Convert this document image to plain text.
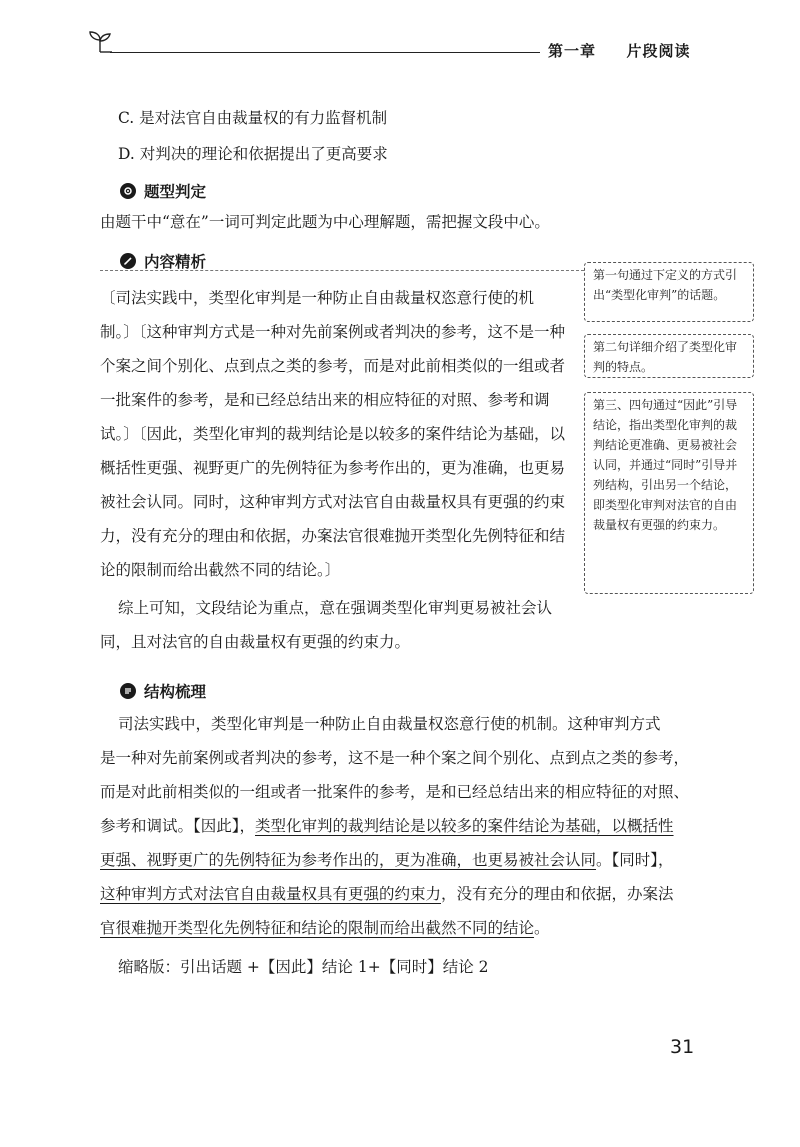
第一章 片段阅读
C. 是对法官自由裁量权的有力监督机制
D. 对判决的理论和依据提出了更高要求
题型判定
由题干中“意在”一词可判定此题为中心理解题，需把握文段中心。
内容精析
〔司法实践中，类型化审判是一种防止自由裁量权恣意行使的机
制。〕〔这种审判方式是一种对先前案例或者判决的参考，这不是一种
个案之间个别化、点到点之类的参考，而是对此前相类似的一组或者
一批案件的参考，是和已经总结出来的相应特征的对照、参考和调
试。〕〔因此，类型化审判的裁判结论是以较多的案件结论为基础，以
概括性更强、视野更广的先例特征为参考作出的，更为准确，也更易
被社会认同。同时，这种审判方式对法官自由裁量权具有更强的约束
力，没有充分的理由和依据，办案法官很难抛开类型化先例特征和结
论的限制而给出截然不同的结论。〕
综上可知，文段结论为重点，意在强调类型化审判更易被社会认
同，且对法官的自由裁量权有更强的约束力。
第一句通过下定义的方式引出“类型化审判”的话题。
第二句详细介绍了类型化审判的特点。
第三、四句通过“因此”引导结论，指出类型化审判的裁判结论更准确、更易被社会认同，并通过“同时”引导并列结构，引出另一个结论，即类型化审判对法官的自由裁量权有更强的约束力。
结构梳理
司法实践中，类型化审判是一种防止自由裁量权恣意行使的机制。这种审判方式
是一种对先前案例或者判决的参考，这不是一种个案之间个别化、点到点之类的参考，
而是对此前相类似的一组或者一批案件的参考，是和已经总结出来的相应特征的对照、
参考和调试。【因此】，类型化审判的裁判结论是以较多的案件结论为基础，以概括性
更强、视野更广的先例特征为参考作出的，更为准确，也更易被社会认同。【同时】，
这种审判方式对法官自由裁量权具有更强的约束力，没有充分的理由和依据，办案法
官很难抛开类型化先例特征和结论的限制而给出截然不同的结论。
缩略版：引出话题 +【因此】结论 1+【同时】结论 2
31
